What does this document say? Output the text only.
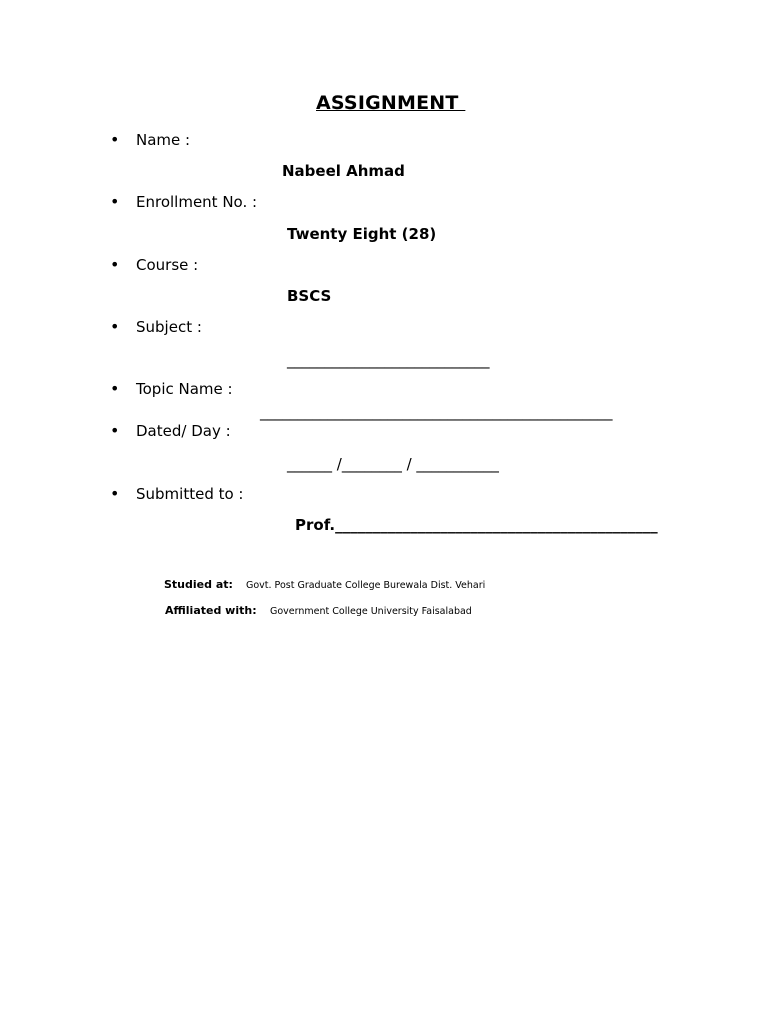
ASSIGNMENT
• Name :
Nabeel Ahmad
• Enrollment No. :
Twenty Eight (28)
• Course :
BSCS
• Subject :
___________________________
• Topic Name :
_______________________________________________
• Dated/ Day :
______ /________ / ___________
• Submitted to :
Prof.___________________________________________
Studied at: Govt. Post Graduate College Burewala Dist. Vehari
Affiliated with: Government College University Faisalabad
